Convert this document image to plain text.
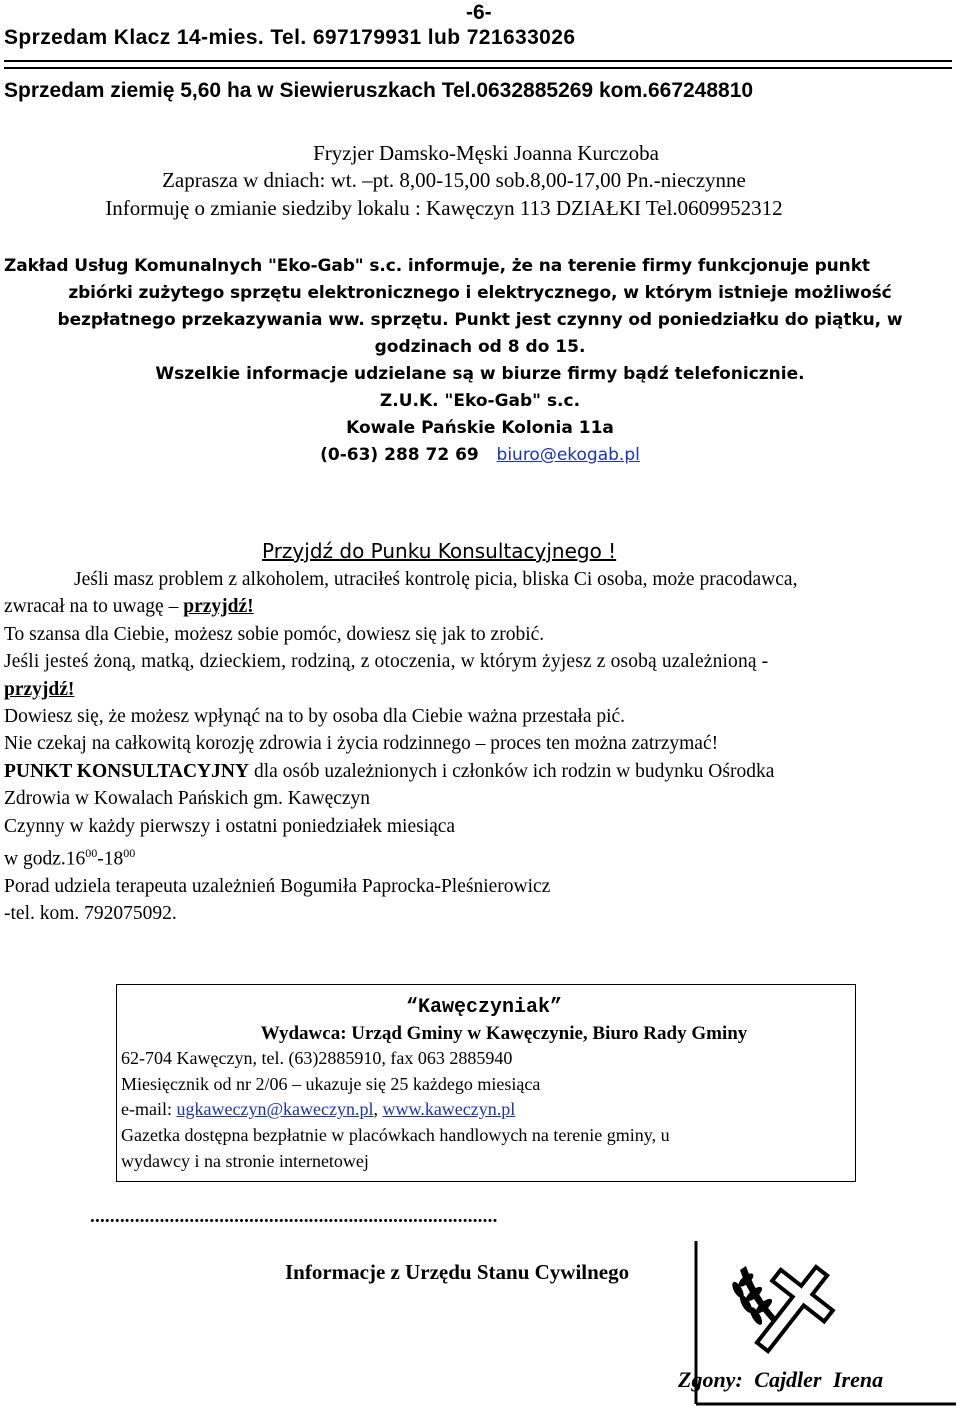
-6-
Sprzedam Klacz 14-mies. Tel. 697179931 lub 721633026
Sprzedam ziemię 5,60 ha w Siewieruszkach Tel.0632885269 kom.667248810
Fryzjer Damsko-Męski Joanna Kurczoba
Zaprasza w dniach: wt. –pt. 8,00-15,00 sob.8,00-17,00 Pn.-nieczynne
Informuję o zmianie siedziby lokalu : Kawęczyn 113 DZIAŁKI Tel.0609952312
Zakład Usług Komunalnych "Eko-Gab" s.c. informuje, że na terenie firmy funkcjonuje punkt
zbiórki zużytego sprzętu elektronicznego i elektrycznego, w którym istnieje możliwość
bezpłatnego przekazywania ww. sprzętu. Punkt jest czynny od poniedziałku do piątku, w
godzinach od 8 do 15.
Wszelkie informacje udzielane są w biurze firmy bądź telefonicznie.
Z.U.K. "Eko-Gab" s.c.
Kowale Pańskie Kolonia 11a
(0-63) 288 72 69 biuro@ekogab.pl
Przyjdź do Punku Konsultacyjnego !

Jeśli masz problem z alkoholem, utraciłeś kontrolę picia, bliska Ci osoba, może pracodawca,

zwracał na to uwagę – przyjdź!

To szansa dla Ciebie, możesz sobie pomóc, dowiesz się jak to zrobić.

Jeśli jesteś żoną, matką, dzieckiem, rodziną, z otoczenia, w którym żyjesz z osobą uzależnioną -

przyjdź!

Dowiesz się, że możesz wpłynąć na to by osoba dla Ciebie ważna przestała pić.

Nie czekaj na całkowitą korozję zdrowia i życia rodzinnego – proces ten można zatrzymać!

PUNKT KONSULTACYJNY dla osób uzależnionych i członków ich rodzin w budynku Ośrodka

Zdrowia w Kowalach Pańskich gm. Kawęczyn

Czynny w każdy pierwszy i ostatni poniedziałek miesiąca

w $godz.16^{00}-18^{00}$

Porad udziela terapeuta uzależnień Bogumiła Paprocka-Pleśnierowicz

-tel. kom. 792075092.

“Kawęczyniak”

Wydawca: Urząd Gminy w Kawęczynie, Biuro Rady Gminy

62-704 Kawęczyn, tel. (63)2885910, fax 063 2885940

Miesięcznik od nr 2/06 – ukazuje się 25 każdego miesiąca

e-mail: ugkaweczyn@kaweczyn.pl, www.kaweczyn.pl

Gazetka dostępna bezpłatnie w placówkach handlowych na terenie gminy, u

wydawcy i na stronie internetowej

..................................................................................
Informacje z Urzędu Stanu Cywilnego
Zgony: Cajdler Irena
